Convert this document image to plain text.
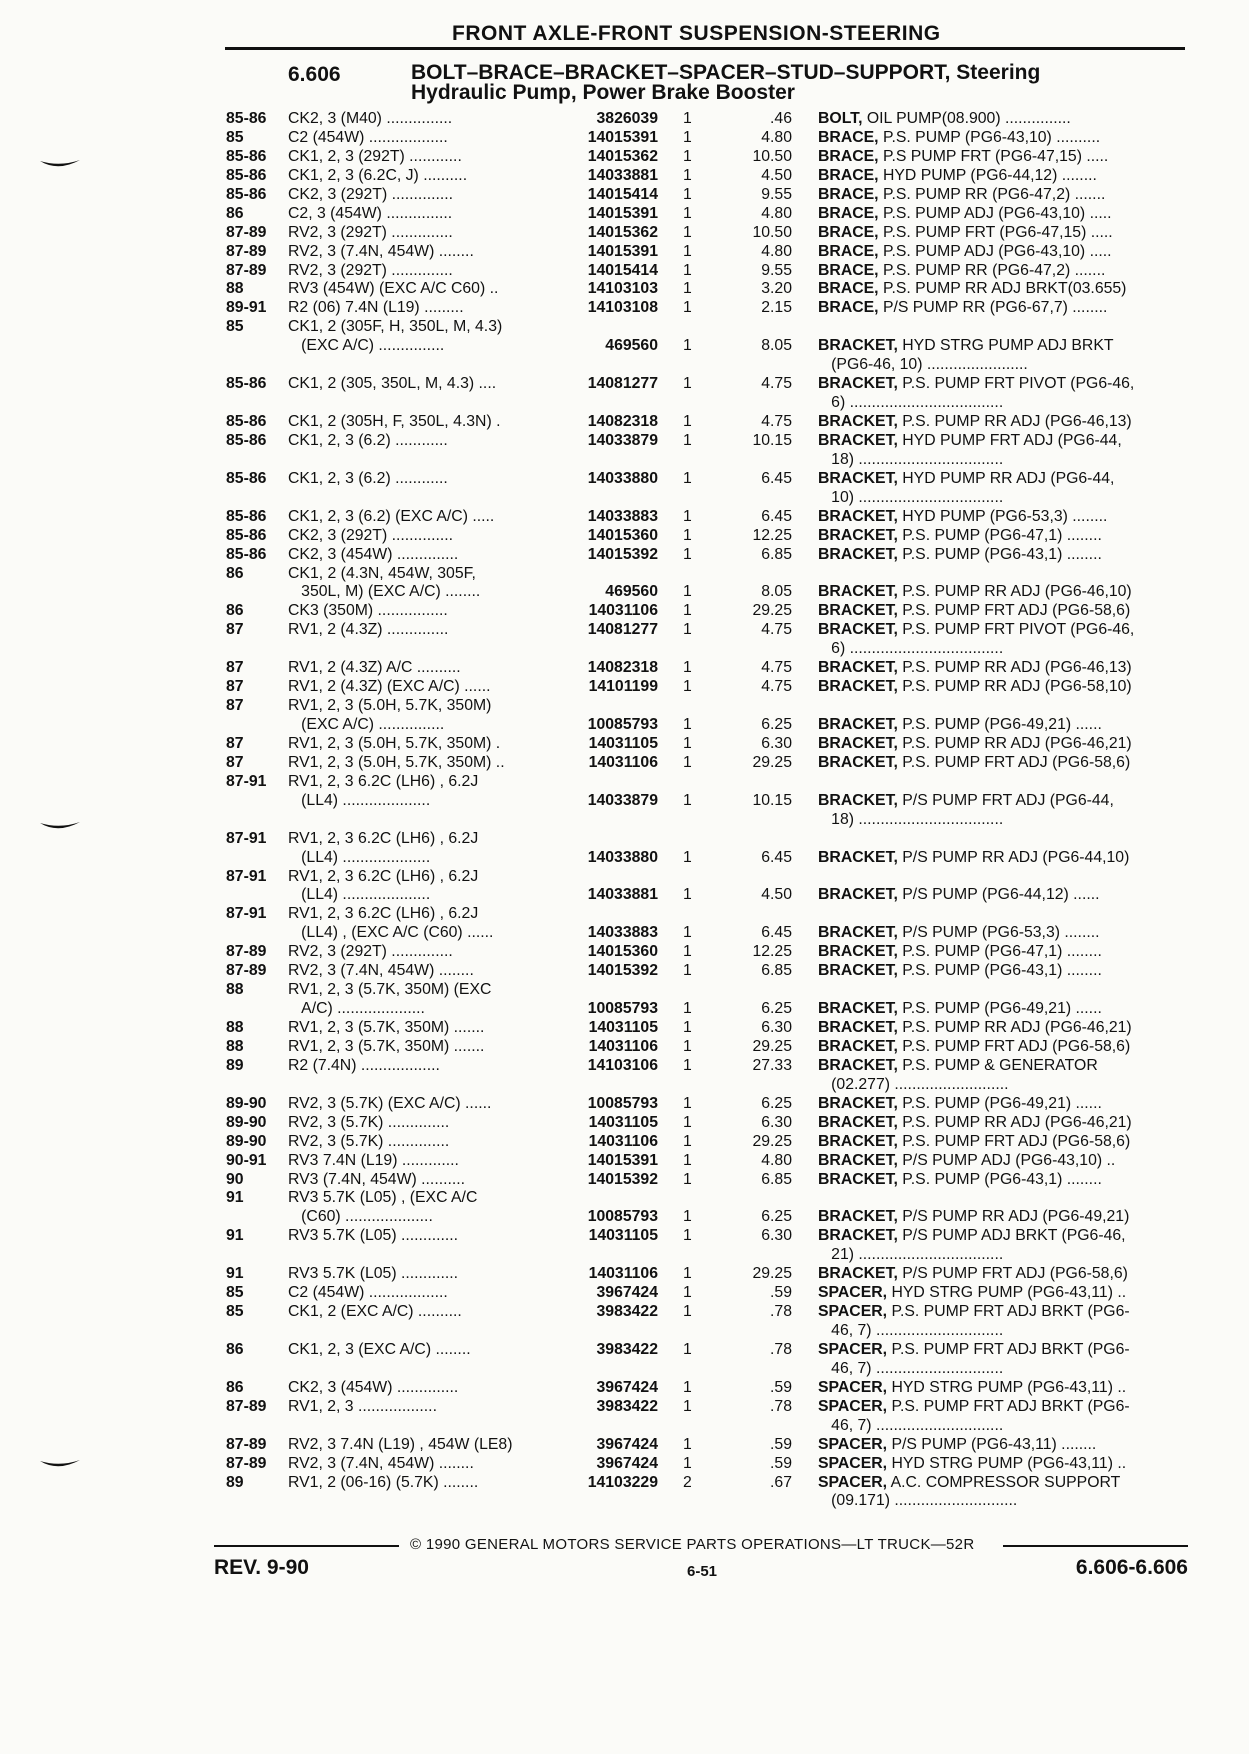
FRONT AXLE-FRONT SUSPENSION-STEERING
6.606	BOLT–BRACE–BRACKET–SPACER–STUD–SUPPORT, Steering
Hydraulic Pump, Power Brake Booster
85-86 CK2, 3 (M40) ...............	3826039 1	.46 BOLT, OIL PUMP(08.900) ...............
85	C2 (454W) ..................	14015391 1	4.80 BRACE, P.S. PUMP (PG6-43,10) ..........
85-86 CK1, 2, 3 (292T) ............	14015362 1	10.50 BRACE, P.S PUMP FRT (PG6-47,15) .....
85-86 CK1, 2, 3 (6.2C, J) ..........	14033881 1	4.50 BRACE, HYD PUMP (PG6-44,12) ........
85-86 CK2, 3 (292T) ..............	14015414 1	9.55 BRACE, P.S. PUMP RR (PG6-47,2) .......
86	C2, 3 (454W) ...............	14015391 1	4.80 BRACE, P.S. PUMP ADJ (PG6-43,10) .....
87-89 RV2, 3 (292T) ..............	14015362 1	10.50 BRACE, P.S. PUMP FRT (PG6-47,15) .....
87-89 RV2, 3 (7.4N, 454W) ........	14015391 1	4.80 BRACE, P.S. PUMP ADJ (PG6-43,10) .....
87-89 RV2, 3 (292T) ..............	14015414 1	9.55 BRACE, P.S. PUMP RR (PG6-47,2) .......
88	RV3 (454W) (EXC A/C C60) ..	14103103 1	3.20 BRACE, P.S. PUMP RR ADJ BRKT(03.655)
89-91 R2 (06) 7.4N (L19) .........	14103108 1	2.15 BRACE, P/S PUMP RR (PG6-67,7) ........
85	CK1, 2 (305F, H, 350L, M, 4.3)
(EXC A/C) ...............	469560 1	8.05 BRACKET, HYD STRG PUMP ADJ BRKT
(PG6-46, 10) .......................
85-86 CK1, 2 (305, 350L, M, 4.3) ....	14081277 1	4.75 BRACKET, P.S. PUMP FRT PIVOT (PG6-46,
6) ...................................
85-86 CK1, 2 (305H, F, 350L, 4.3N) .	14082318 1	4.75 BRACKET, P.S. PUMP RR ADJ (PG6-46,13)
85-86 CK1, 2, 3 (6.2) ............	14033879 1	10.15 BRACKET, HYD PUMP FRT ADJ (PG6-44,
18) .................................
85-86 CK1, 2, 3 (6.2) ............	14033880 1	6.45 BRACKET, HYD PUMP RR ADJ (PG6-44,
10) .................................
85-86 CK1, 2, 3 (6.2) (EXC A/C) .....	14033883 1	6.45 BRACKET, HYD PUMP (PG6-53,3) ........
85-86 CK2, 3 (292T) ..............	14015360 1	12.25 BRACKET, P.S. PUMP (PG6-47,1) ........
85-86 CK2, 3 (454W) ..............	14015392 1	6.85 BRACKET, P.S. PUMP (PG6-43,1) ........
86	CK1, 2 (4.3N, 454W, 305F,
350L, M) (EXC A/C) ........	469560 1	8.05 BRACKET, P.S. PUMP RR ADJ (PG6-46,10)
86	CK3 (350M) ................	14031106 1	29.25 BRACKET, P.S. PUMP FRT ADJ (PG6-58,6)
87	RV1, 2 (4.3Z) ..............	14081277 1	4.75 BRACKET, P.S. PUMP FRT PIVOT (PG6-46,
6) ...................................
87	RV1, 2 (4.3Z) A/C ..........	14082318 1	4.75 BRACKET, P.S. PUMP RR ADJ (PG6-46,13)
87	RV1, 2 (4.3Z) (EXC A/C) ......	14101199 1	4.75 BRACKET, P.S. PUMP RR ADJ (PG6-58,10)
87	RV1, 2, 3 (5.0H, 5.7K, 350M)
(EXC A/C) ...............	10085793 1	6.25 BRACKET, P.S. PUMP (PG6-49,21) ......
87	RV1, 2, 3 (5.0H, 5.7K, 350M) .	14031105 1	6.30 BRACKET, P.S. PUMP RR ADJ (PG6-46,21)
87	RV1, 2, 3 (5.0H, 5.7K, 350M) ..	14031106 1	29.25 BRACKET, P.S. PUMP FRT ADJ (PG6-58,6)
87-91 RV1, 2, 3 6.2C (LH6) , 6.2J
(LL4) ....................	14033879 1	10.15 BRACKET, P/S PUMP FRT ADJ (PG6-44,
18) .................................
87-91 RV1, 2, 3 6.2C (LH6) , 6.2J
(LL4) ....................	14033880 1	6.45 BRACKET, P/S PUMP RR ADJ (PG6-44,10)
87-91 RV1, 2, 3 6.2C (LH6) , 6.2J
(LL4) ....................	14033881 1	4.50 BRACKET, P/S PUMP (PG6-44,12) ......
87-91 RV1, 2, 3 6.2C (LH6) , 6.2J
(LL4) , (EXC A/C (C60) ......	14033883 1	6.45 BRACKET, P/S PUMP (PG6-53,3) ........
87-89 RV2, 3 (292T) ..............	14015360 1	12.25 BRACKET, P.S. PUMP (PG6-47,1) ........
87-89 RV2, 3 (7.4N, 454W) ........	14015392 1	6.85 BRACKET, P.S. PUMP (PG6-43,1) ........
88	RV1, 2, 3 (5.7K, 350M) (EXC
A/C) ....................	10085793 1	6.25 BRACKET, P.S. PUMP (PG6-49,21) ......
88	RV1, 2, 3 (5.7K, 350M) .......	14031105 1	6.30 BRACKET, P.S. PUMP RR ADJ (PG6-46,21)
88	RV1, 2, 3 (5.7K, 350M) .......	14031106 1	29.25 BRACKET, P.S. PUMP FRT ADJ (PG6-58,6)
89	R2 (7.4N) ..................	14103106 1	27.33 BRACKET, P.S. PUMP & GENERATOR
(02.277) ..........................
89-90 RV2, 3 (5.7K) (EXC A/C) ......	10085793 1	6.25 BRACKET, P.S. PUMP (PG6-49,21) ......
89-90 RV2, 3 (5.7K) ..............	14031105 1	6.30 BRACKET, P.S. PUMP RR ADJ (PG6-46,21)
89-90 RV2, 3 (5.7K) ..............	14031106 1	29.25 BRACKET, P.S. PUMP FRT ADJ (PG6-58,6)
90-91 RV3 7.4N (L19) .............	14015391 1	4.80 BRACKET, P/S PUMP ADJ (PG6-43,10) ..
90	RV3 (7.4N, 454W) ..........	14015392 1	6.85 BRACKET, P.S. PUMP (PG6-43,1) ........
91	RV3 5.7K (L05) , (EXC A/C
(C60) ....................	10085793 1	6.25 BRACKET, P/S PUMP RR ADJ (PG6-49,21)
91	RV3 5.7K (L05) .............	14031105 1	6.30 BRACKET, P/S PUMP ADJ BRKT (PG6-46,
21) .................................
91	RV3 5.7K (L05) .............	14031106 1	29.25 BRACKET, P/S PUMP FRT ADJ (PG6-58,6)
85	C2 (454W) ..................	3967424 1	.59 SPACER, HYD STRG PUMP (PG6-43,11) ..
85	CK1, 2 (EXC A/C) ..........	3983422 1	.78 SPACER, P.S. PUMP FRT ADJ BRKT (PG6-
46, 7) .............................
86	CK1, 2, 3 (EXC A/C) ........	3983422 1	.78 SPACER, P.S. PUMP FRT ADJ BRKT (PG6-
46, 7) .............................
86	CK2, 3 (454W) ..............	3967424 1	.59 SPACER, HYD STRG PUMP (PG6-43,11) ..
87-89 RV1, 2, 3 ..................	3983422 1	.78 SPACER, P.S. PUMP FRT ADJ BRKT (PG6-
46, 7) .............................
87-89 RV2, 3 7.4N (L19) , 454W (LE8)	3967424 1	.59 SPACER, P/S PUMP (PG6-43,11) ........
87-89 RV2, 3 (7.4N, 454W) ........	3967424 1	.59 SPACER, HYD STRG PUMP (PG6-43,11) ..
89	RV1, 2 (06-16) (5.7K) ........	14103229 2	.67 SPACER, A.C. COMPRESSOR SUPPORT
(09.171) ............................
© 1990 GENERAL MOTORS SERVICE PARTS OPERATIONS—LT TRUCK—52R
REV. 9-90	6-51	6.606-6.606
